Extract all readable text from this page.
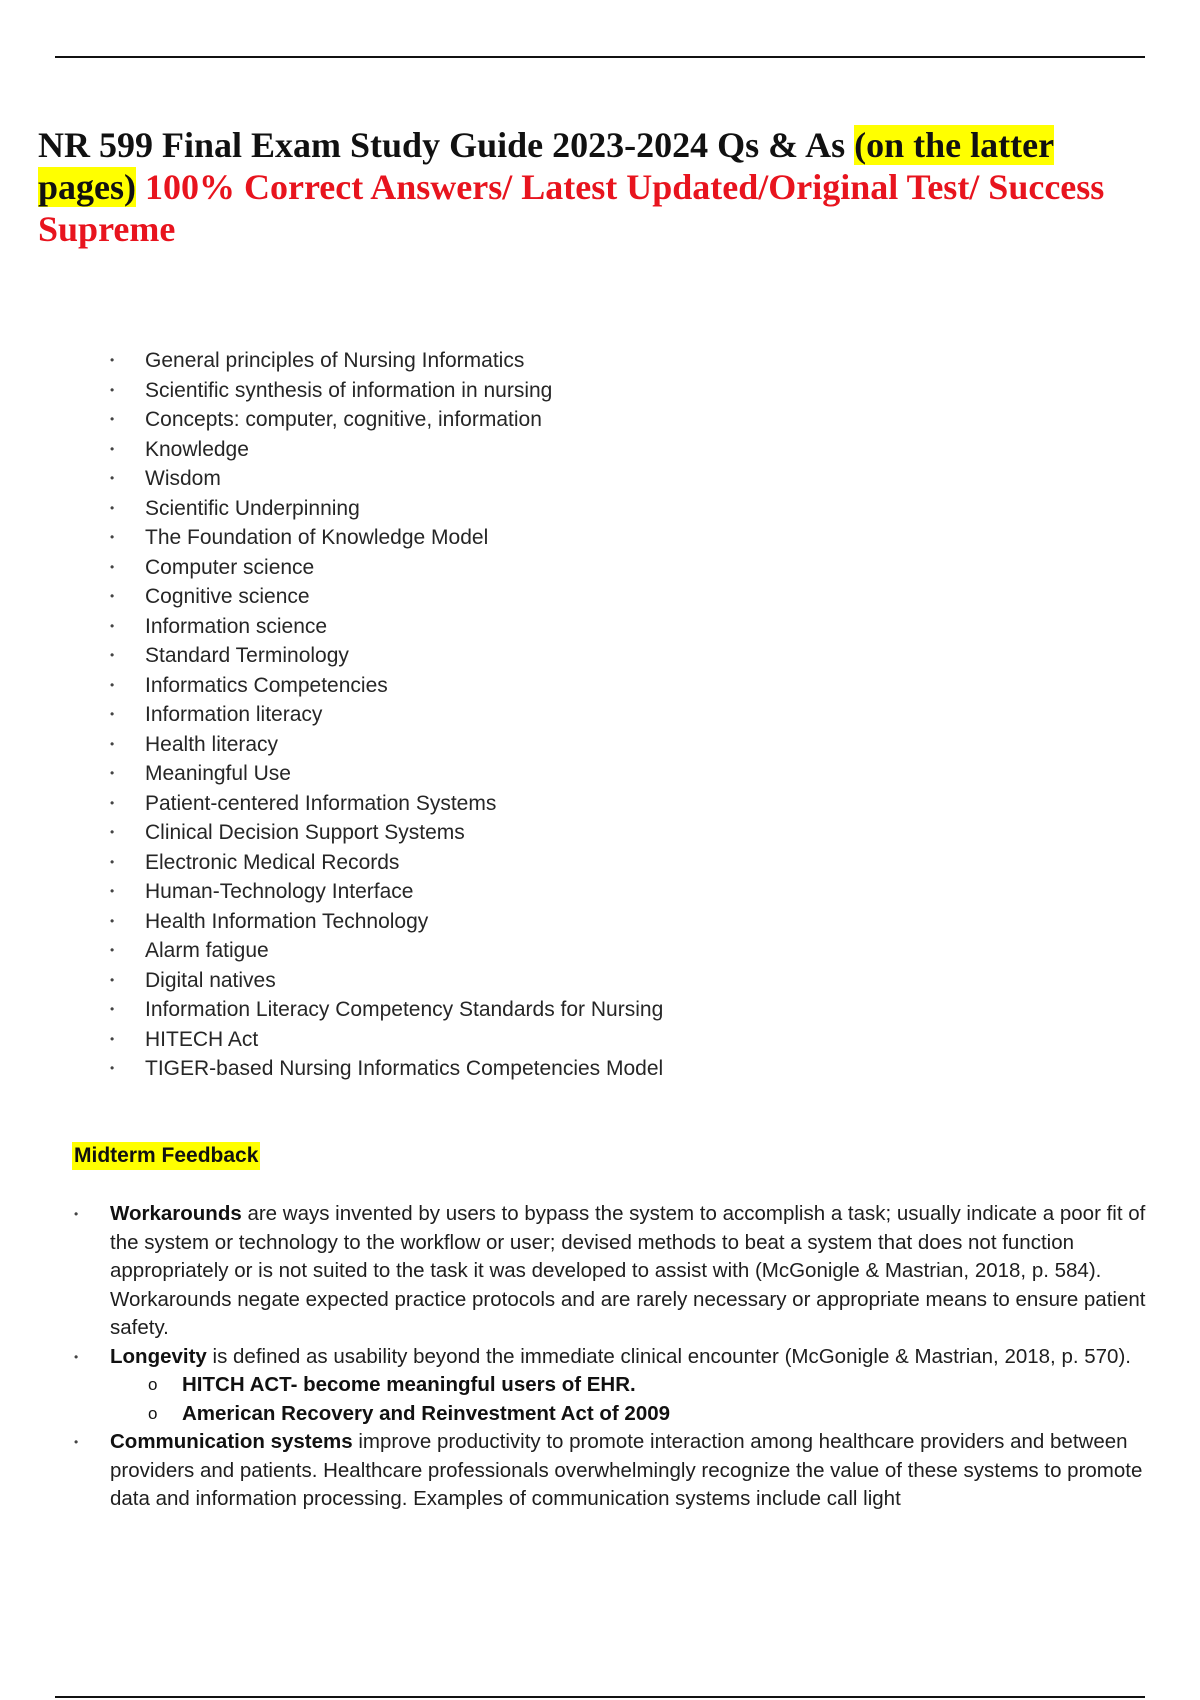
NR 599 Final Exam Study Guide 2023-2024 Qs & As (on the latter pages) 100% Correct Answers/ Latest Updated/Original Test/ Success Supreme
• General principles of Nursing Informatics
• Scientific synthesis of information in nursing
• Concepts: computer, cognitive, information
• Knowledge
• Wisdom
• Scientific Underpinning
• The Foundation of Knowledge Model
• Computer science
• Cognitive science
• Information science
• Standard Terminology
• Informatics Competencies
• Information literacy
• Health literacy
• Meaningful Use
• Patient-centered Information Systems
• Clinical Decision Support Systems
• Electronic Medical Records
• Human-Technology Interface
• Health Information Technology
• Alarm fatigue
• Digital natives
• Information Literacy Competency Standards for Nursing
• HITECH Act
• TIGER-based Nursing Informatics Competencies Model
Midterm Feedback
• Workarounds are ways invented by users to bypass the system to accomplish a task; usually indicate a poor fit of the system or technology to the workflow or user; devised methods to beat a system that does not function appropriately or is not suited to the task it was developed to assist with (McGonigle & Mastrian, 2018, p. 584). Workarounds negate expected practice protocols and are rarely necessary or appropriate means to ensure patient safety.
• Longevity is defined as usability beyond the immediate clinical encounter (McGonigle & Mastrian, 2018, p. 570).
o HITCH ACT- become meaningful users of EHR.
o American Recovery and Reinvestment Act of 2009
• Communication systems improve productivity to promote interaction among healthcare providers and between providers and patients. Healthcare professionals overwhelmingly recognize the value of these systems to promote data and information processing. Examples of communication systems include call light
